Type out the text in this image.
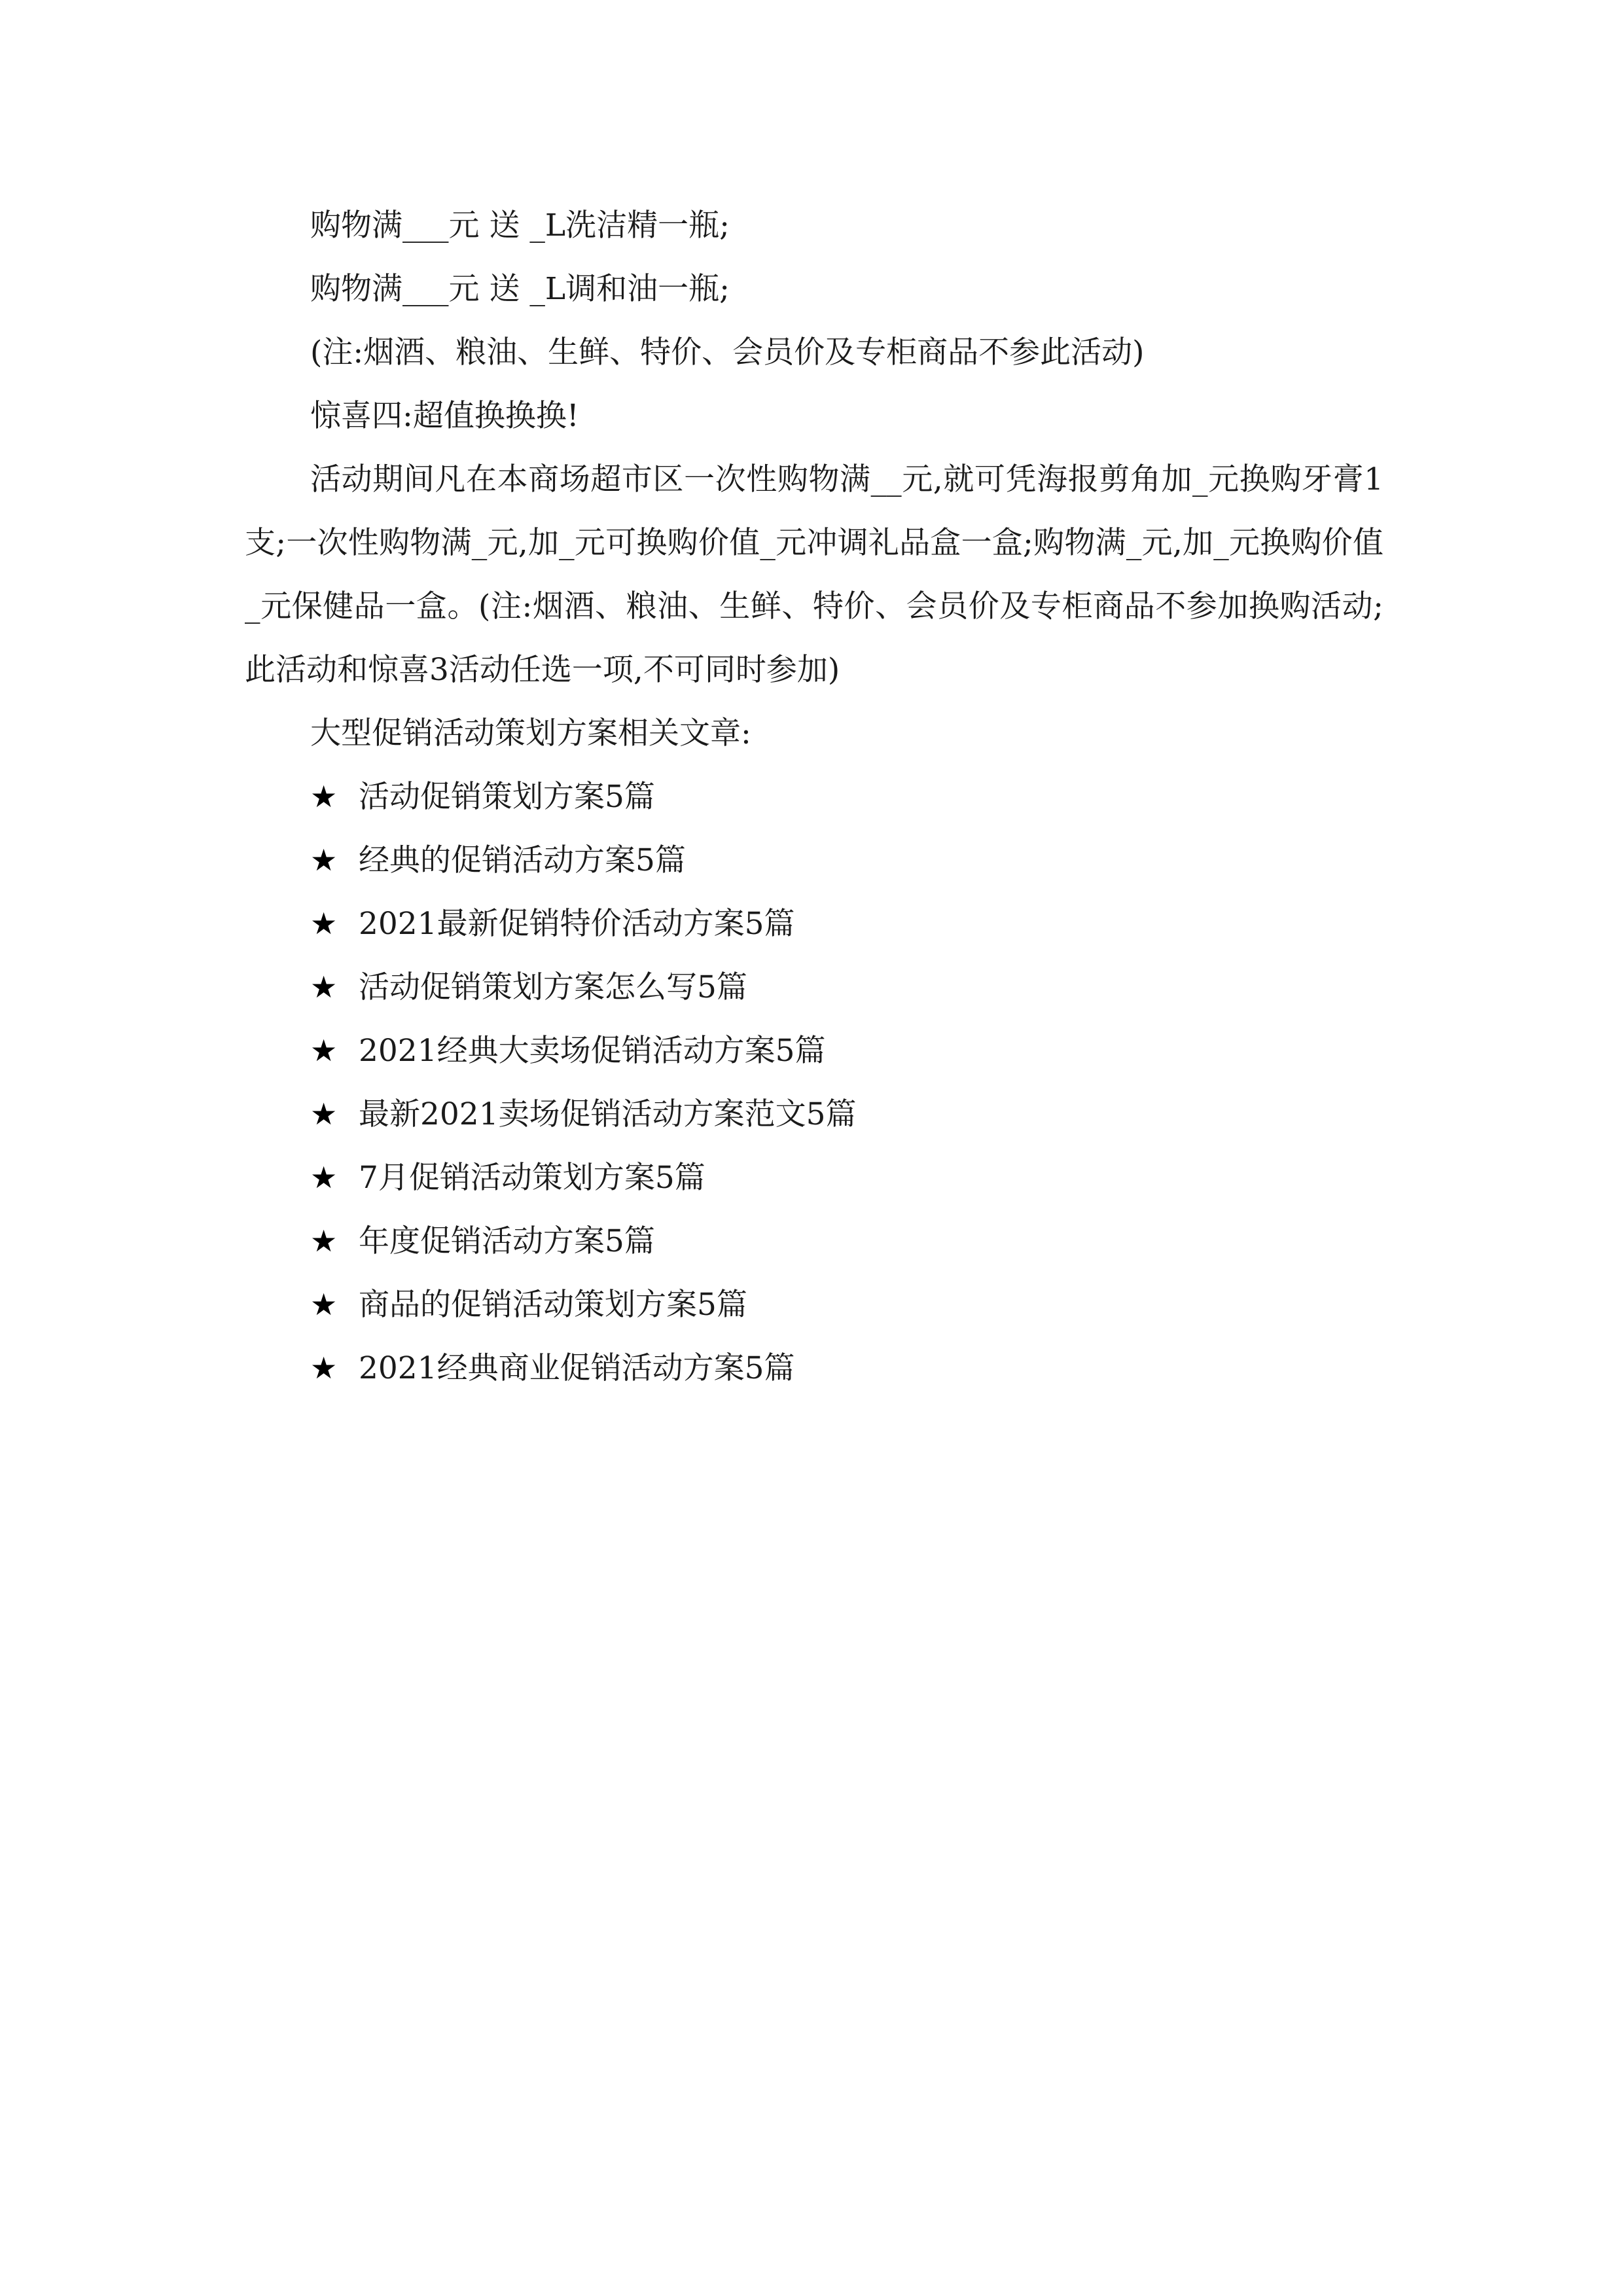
购物满___元 送 _L洗洁精一瓶;

购物满___元 送 _L调和油一瓶;

(注:烟酒、粮油、生鲜、特价、会员价及专柜商品不参此活动)

惊喜四:超值换换换!

活动期间凡在本商场超市区一次性购物满__元,就可凭海报剪角加_元换购牙膏1支;一次性购物满_元,加_元可换购价值_元冲调礼品盒一盒;购物满_元,加_元换购价值_元保健品一盒。(注:烟酒、粮油、生鲜、特价、会员价及专柜商品不参加换购活动;此活动和惊喜3活动任选一项,不可同时参加)

大型促销活动策划方案相关文章:

★ 活动促销策划方案5篇
★ 经典的促销活动方案5篇
★ 2021最新促销特价活动方案5篇
★ 活动促销策划方案怎么写5篇
★ 2021经典大卖场促销活动方案5篇
★ 最新2021卖场促销活动方案范文5篇
★ 7月促销活动策划方案5篇
★ 年度促销活动方案5篇
★ 商品的促销活动策划方案5篇
★ 2021经典商业促销活动方案5篇
